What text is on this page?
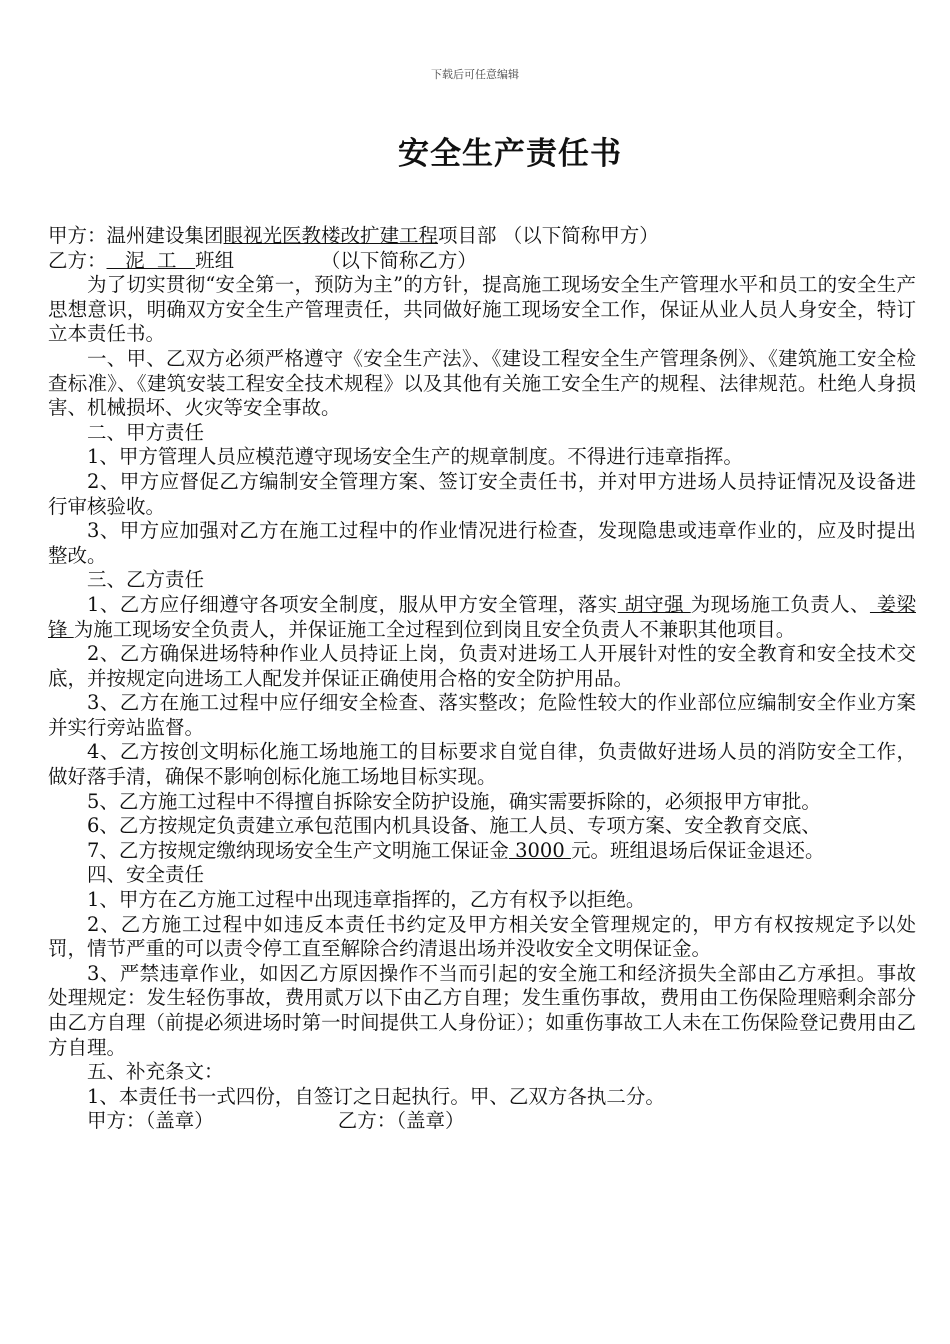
下载后可任意编辑
安全生产责任书

甲方：温州建设集团眼视光医教楼改扩建工程项目部 （以下简称甲方）

乙方：   泥  工   班组              （以下简称乙方）

为了切实贯彻“安全第一，预防为主”的方针，提高施工现场安全生产管理水平和员工的安全生产思想意识，明确双方安全生产管理责任，共同做好施工现场安全工作，保证从业人员人身安全，特订立本责任书。

一、甲、乙双方必须严格遵守《安全生产法》、《建设工程安全生产管理条例》、《建筑施工安全检查标准》、《建筑安装工程安全技术规程》以及其他有关施工安全生产的规程、法律规范。杜绝人身损害、机械损坏、火灾等安全事故。

二、甲方责任

1、甲方管理人员应模范遵守现场安全生产的规章制度。不得进行违章指挥。

2、甲方应督促乙方编制安全管理方案、签订安全责任书，并对甲方进场人员持证情况及设备进行审核验收。

3、甲方应加强对乙方在施工过程中的作业情况进行检查，发现隐患或违章作业的，应及时提出整改。

三、乙方责任

1、乙方应仔细遵守各项安全制度，服从甲方安全管理，落实 胡守强 为现场施工负责人、 姜梁锋 为施工现场安全负责人，并保证施工全过程到位到岗且安全负责人不兼职其他项目。

2、乙方确保进场特种作业人员持证上岗，负责对进场工人开展针对性的安全教育和安全技术交底，并按规定向进场工人配发并保证正确使用合格的安全防护用品。

3、乙方在施工过程中应仔细安全检查、落实整改；危险性较大的作业部位应编制安全作业方案并实行旁站监督。

4、乙方按创文明标化施工场地施工的目标要求自觉自律，负责做好进场人员的消防安全工作，做好落手清，确保不影响创标化施工场地目标实现。

5、乙方施工过程中不得擅自拆除安全防护设施，确实需要拆除的，必须报甲方审批。

6、乙方按规定负责建立承包范围内机具设备、施工人员、专项方案、安全教育交底、

7、乙方按规定缴纳现场安全生产文明施工保证金 3000 元。班组退场后保证金退还。

四、安全责任

1、甲方在乙方施工过程中出现违章指挥的，乙方有权予以拒绝。

2、乙方施工过程中如违反本责任书约定及甲方相关安全管理规定的，甲方有权按规定予以处罚，情节严重的可以责令停工直至解除合约清退出场并没收安全文明保证金。

3、严禁违章作业，如因乙方原因操作不当而引起的安全施工和经济损失全部由乙方承担。事故处理规定：发生轻伤事故，费用贰万以下由乙方自理；发生重伤事故，费用由工伤保险理赔剩余部分由乙方自理（前提必须进场时第一时间提供工人身份证）；如重伤事故工人未在工伤保险登记费用由乙方自理。

五、补充条文：

1、本责任书一式四份，自签订之日起执行。甲、乙双方各执二分。

甲方：（盖章）	乙方：（盖章）
